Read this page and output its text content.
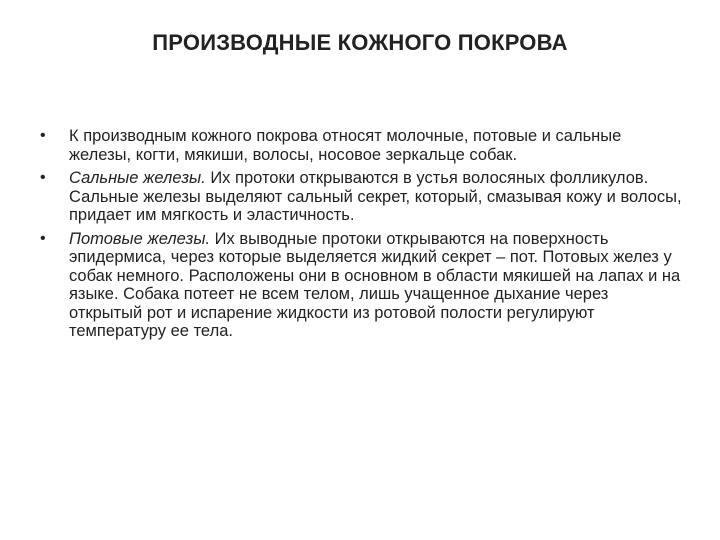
ПРОИЗВОДНЫЕ КОЖНОГО ПОКРОВА
• К производным кожного покрова относят молочные, потовые и сальные железы, когти, мякиши, волосы, носовое зеркальце собак.
• Сальные железы. Их протоки открываются в устья волосяных фолликулов. Сальные железы выделяют сальный секрет, который, смазывая кожу и волосы, придает им мягкость и эластичность.
• Потовые железы. Их выводные протоки открываются на поверхность эпидермиса, через которые выделяется жидкий секрет – пот. Потовых желез у собак немного. Расположены они в основном в области мякишей на лапах и на языке. Собака потеет не всем телом, лишь учащенное дыхание через открытый рот и испарение жидкости из ротовой полости регулируют температуру ее тела.
